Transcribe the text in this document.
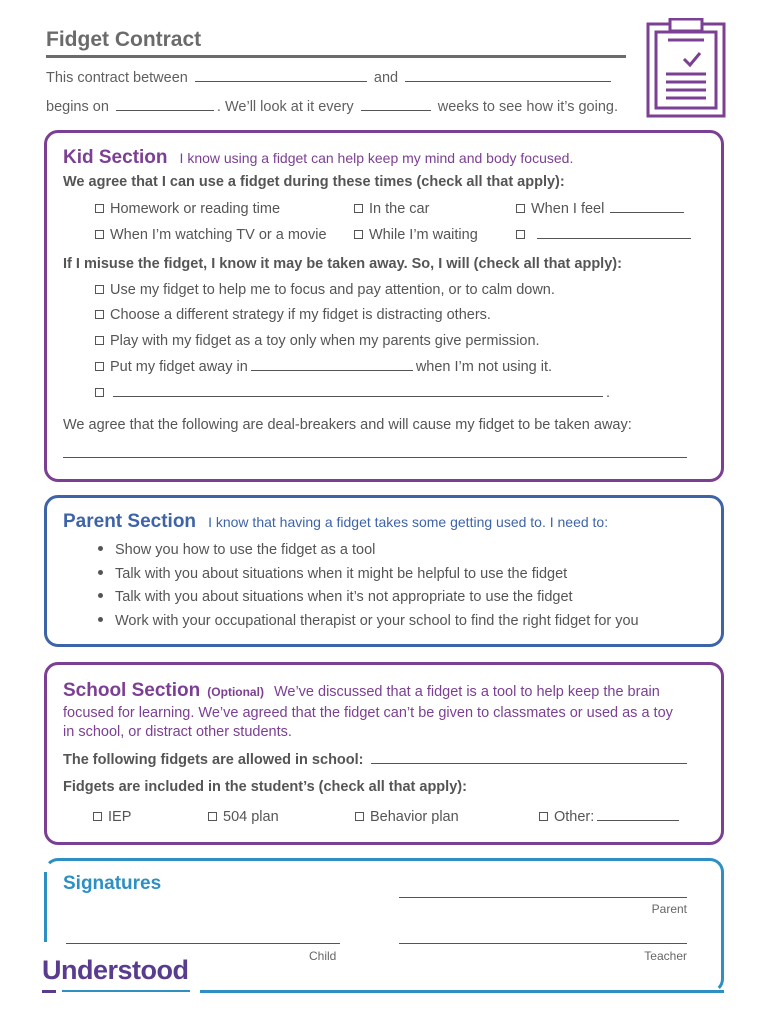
Fidget Contract
This contract between	and
begins on	. We’ll look at it every	weeks to see how it’s going.
Kid Section I know using a fidget can help keep my mind and body focused.
We agree that I can use a fidget during these times (check all that apply):
Homework or reading time	In the car	When I feel
When I’m watching TV or a movie	While I’m waiting
If I misuse the fidget, I know it may be taken away. So, I will (check all that apply):
Use my fidget to help me to focus and pay attention, or to calm down.
Choose a different strategy if my fidget is distracting others.
Play with my fidget as a toy only when my parents give permission.
Put my fidget away in	when I’m not using it.
.
We agree that the following are deal-breakers and will cause my fidget to be taken away:
Parent Section I know that having a fidget takes some getting used to. I need to:
Show you how to use the fidget as a tool
Talk with you about situations when it might be helpful to use the fidget
Talk with you about situations when it’s not appropriate to use the fidget
Work with your occupational therapist or your school to find the right fidget for you
School Section (Optional) We’ve discussed that a fidget is a tool to help keep the brain
focused for learning. We’ve agreed that the fidget can’t be given to classmates or used as a toy
in school, or distract other students.
The following fidgets are allowed in school:
Fidgets are included in the student’s (check all that apply):
IEP	504 plan	Behavior plan	Other:
Signatures
Parent
Child	Teacher
Understood
